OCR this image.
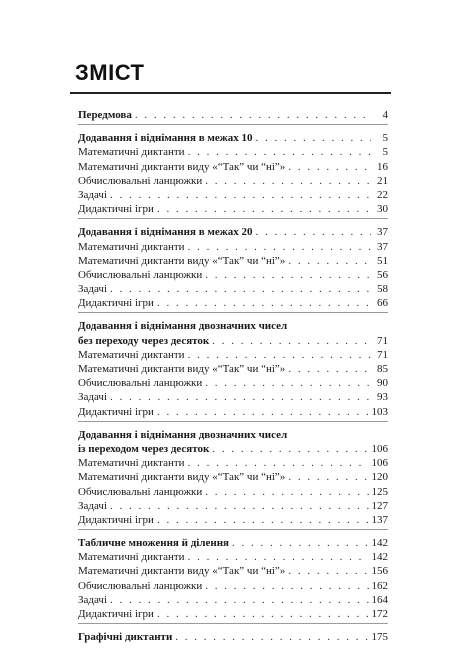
ЗМІСТ
Передмова . . .	4
Додавання і віднімання в межах 10 . . .	5
Математичні диктанти . . .	5
Математичні диктанти виду «“Так” чи “ні”» . . .	16
Обчислювальні ланцюжки . . .	21
Задачі . . .	22
Дидактичні ігри . . .	30
Додавання і віднімання в межах 20 . . .	37
Математичні диктанти . . .	37
Математичні диктанти виду «“Так” чи “ні”» . . .	51
Обчислювальні ланцюжки . . .	56
Задачі . . .	58
Дидактичні ігри . . .	66
Додавання і віднімання двозначних чисел
без переходу через десяток . . .	71
Математичні диктанти . . .	71
Математичні диктанти виду «“Так” чи “ні”» . . .	85
Обчислювальні ланцюжки . . .	90
Задачі . . .	93
Дидактичні ігри . . .	103
Додавання і віднімання двозначних чисел
із переходом через десяток . . .	106
Математичні диктанти . . .	106
Математичні диктанти виду «“Так” чи “ні”» . . .	120
Обчислювальні ланцюжки . . .	125
Задачі . . .	127
Дидактичні ігри . . .	137
Табличне множення й ділення . . .	142
Математичні диктанти . . .	142
Математичні диктанти виду «“Так” чи “ні”» . . .	156
Обчислювальні ланцюжки . . .	162
Задачі . . .	164
Дидактичні ігри . . .	172
Графічні диктанти . . .	175
